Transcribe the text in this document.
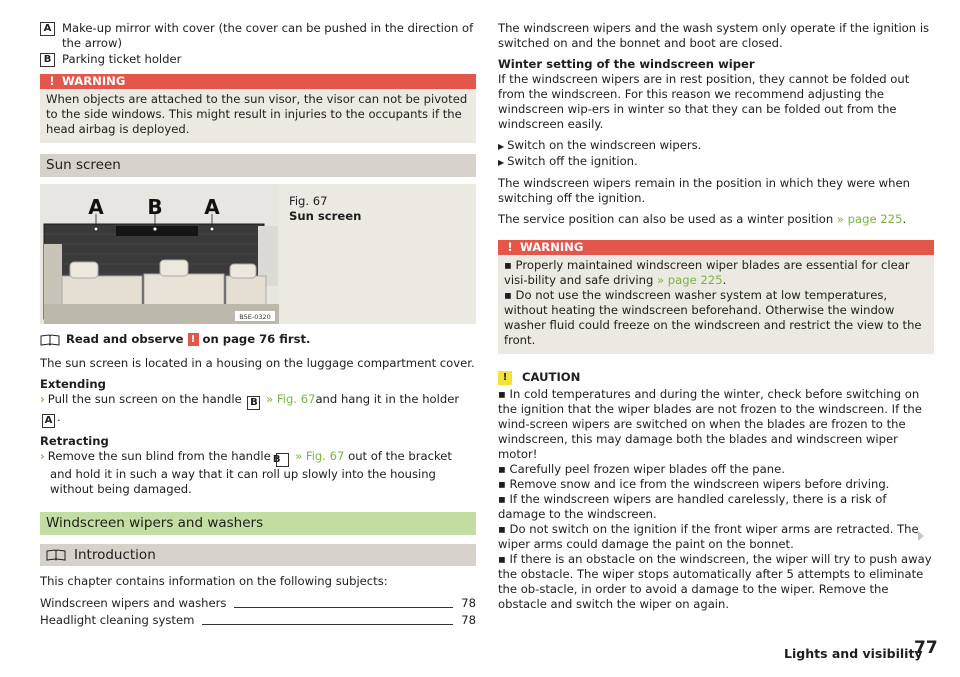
A Make-up mirror with cover (the cover can be pushed in the direction of the arrow)
B Parking ticket holder
! WARNING
When objects are attached to the sun visor, the visor can not be pivoted to the side windows. This might result in injuries to the occupants if the head airbag is deployed.
Sun screen
A B A
B5E-0320
Fig. 67
Sun screen
Read and observe ! on page 76 first.

The sun screen is located in a housing on the luggage compartment cover.

Extending

› Pull the sun screen on the handle B » Fig. 67and hang it in the holderA .

Retracting

› Remove the sun blind from the handle B » Fig. 67 out of the bracket and hold it in such a way that it can roll up slowly into the housing without being damaged.

Windscreen wipers and washers
Introduction

This chapter contains information on the following subjects:

Windscreen wipers and washers	78
Headlight cleaning system	78

The windscreen wipers and the wash system only operate if the ignition is switched on and the bonnet and boot are closed.

Winter setting of the windscreen wiper

If the windscreen wipers are in rest position, they cannot be folded out from the windscreen. For this reason we recommend adjusting the windscreen wip-ers in winter so that they can be folded out from the windscreen easily.

▶ Switch on the windscreen wipers.

▶ Switch off the ignition.

The windscreen wipers remain in the position in which they were when switching off the ignition.

The service position can also be used as a winter position » page 225.

! WARNING

▪ Properly maintained windscreen wiper blades are essential for clear visi-bility and safe driving » page 225.

▪ Do not use the windscreen washer system at low temperatures, without heating the windscreen beforehand. Otherwise the window washer fluid could freeze on the windscreen and restrict the view to the front.

!	CAUTION

▪ In cold temperatures and during the winter, check before switching on the ignition that the wiper blades are not frozen to the windscreen. If the wind-screen wipers are switched on when the blades are frozen to the windscreen, this may damage both the blades and windscreen wiper motor!

▪ Carefully peel frozen wiper blades off the pane.

▪ Remove snow and ice from the windscreen wipers before driving.

▪ If the windscreen wipers are handled carelessly, there is a risk of damage to the windscreen.

▪ Do not switch on the ignition if the front wiper arms are retracted. The wiper arms could damage the paint on the bonnet.

▪ If there is an obstacle on the windscreen, the wiper will try to push away the obstacle. The wiper stops automatically after 5 attempts to eliminate the ob-stacle, in order to avoid a damage to the wiper. Remove the obstacle and switch the wiper on again.

Lights and visibility
77
